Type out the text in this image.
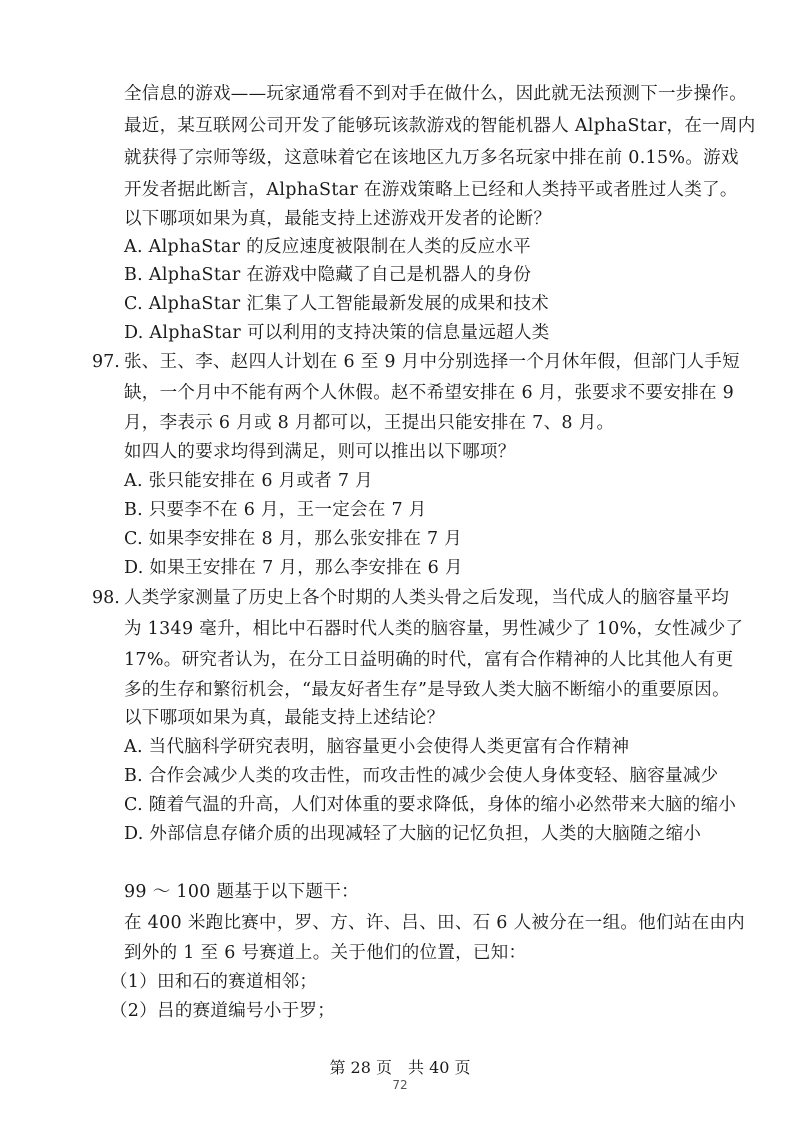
全信息的游戏——玩家通常看不到对手在做什么，因此就无法预测下一步操作。
最近，某互联网公司开发了能够玩该款游戏的智能机器人 AlphaStar，在一周内
就获得了宗师等级，这意味着它在该地区九万多名玩家中排在前 0.15%。游戏
开发者据此断言，AlphaStar 在游戏策略上已经和人类持平或者胜过人类了。
以下哪项如果为真，最能支持上述游戏开发者的论断？
A. AlphaStar 的反应速度被限制在人类的反应水平
B. AlphaStar 在游戏中隐藏了自己是机器人的身份
C. AlphaStar 汇集了人工智能最新发展的成果和技术
D. AlphaStar 可以利用的支持决策的信息量远超人类
97. 张、王、李、赵四人计划在 6 至 9 月中分别选择一个月休年假，但部门人手短
缺，一个月中不能有两个人休假。赵不希望安排在 6 月，张要求不要安排在 9
月，李表示 6 月或 8 月都可以，王提出只能安排在 7、8 月。
如四人的要求均得到满足，则可以推出以下哪项？
A. 张只能安排在 6 月或者 7 月
B. 只要李不在 6 月，王一定会在 7 月
C. 如果李安排在 8 月，那么张安排在 7 月
D. 如果王安排在 7 月，那么李安排在 6 月
98. 人类学家测量了历史上各个时期的人类头骨之后发现，当代成人的脑容量平均
为 1349 毫升，相比中石器时代人类的脑容量，男性减少了 10%，女性减少了
17%。研究者认为，在分工日益明确的时代，富有合作精神的人比其他人有更
多的生存和繁衍机会，“最友好者生存”是导致人类大脑不断缩小的重要原因。
以下哪项如果为真，最能支持上述结论？
A. 当代脑科学研究表明，脑容量更小会使得人类更富有合作精神
B. 合作会减少人类的攻击性，而攻击性的减少会使人身体变轻、脑容量减少
C. 随着气温的升高，人们对体重的要求降低，身体的缩小必然带来大脑的缩小
D. 外部信息存储介质的出现减轻了大脑的记忆负担，人类的大脑随之缩小
99 ～ 100 题基于以下题干：
在 400 米跑比赛中，罗、方、许、吕、田、石 6 人被分在一组。他们站在由内
到外的 1 至 6 号赛道上。关于他们的位置，已知：
（1）田和石的赛道相邻；
（2）吕的赛道编号小于罗；
第 28 页　共 40 页
72
